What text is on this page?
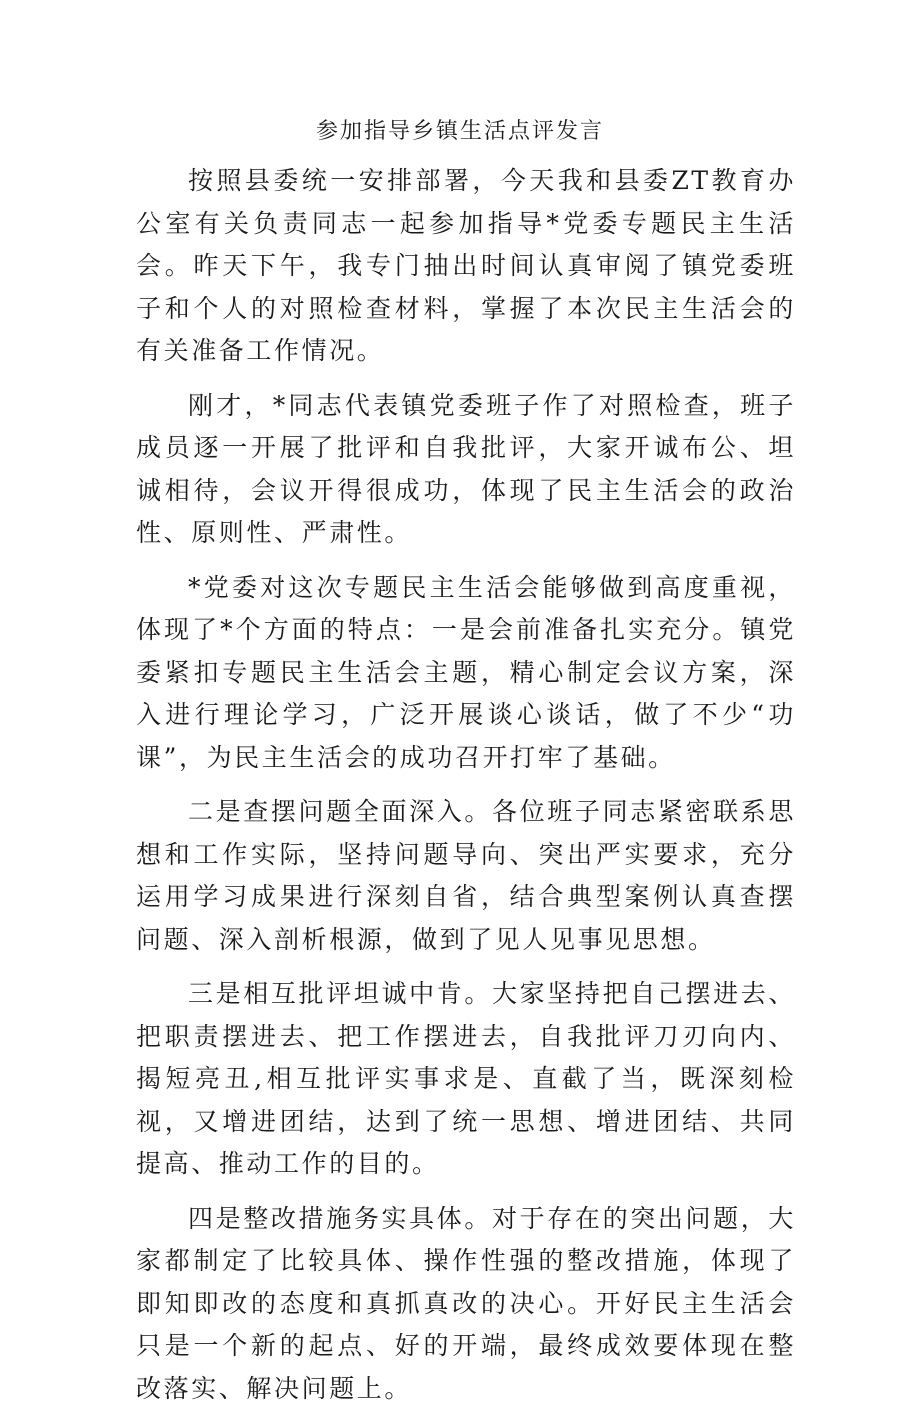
参加指导乡镇生活点评发言

按照县委统一安排部署，今天我和县委ZT教育办公室有关负责同志一起参加指导*党委专题民主生活会。昨天下午，我专门抽出时间认真审阅了镇党委班子和个人的对照检查材料，掌握了本次民主生活会的有关准备工作情况。

刚才，*同志代表镇党委班子作了对照检查，班子成员逐一开展了批评和自我批评，大家开诚布公、坦诚相待，会议开得很成功，体现了民主生活会的政治性、原则性、严肃性。

*党委对这次专题民主生活会能够做到高度重视，体现了*个方面的特点：一是会前准备扎实充分。镇党委紧扣专题民主生活会主题，精心制定会议方案，深入进行理论学习，广泛开展谈心谈话，做了不少“功课”，为民主生活会的成功召开打牢了基础。

二是查摆问题全面深入。各位班子同志紧密联系思想和工作实际，坚持问题导向、突出严实要求，充分运用学习成果进行深刻自省，结合典型案例认真查摆问题、深入剖析根源，做到了见人见事见思想。

三是相互批评坦诚中肯。大家坚持把自己摆进去、把职责摆进去、把工作摆进去，自我批评刀刃向内、揭短亮丑,相互批评实事求是、直截了当，既深刻检视，又增进团结，达到了统一思想、增进团结、共同提高、推动工作的目的。

四是整改措施务实具体。对于存在的突出问题，大家都制定了比较具体、操作性强的整改措施，体现了即知即改的态度和真抓真改的决心。开好民主生活会只是一个新的起点、好的开端，最终成效要体现在整改落实、解决问题上。
